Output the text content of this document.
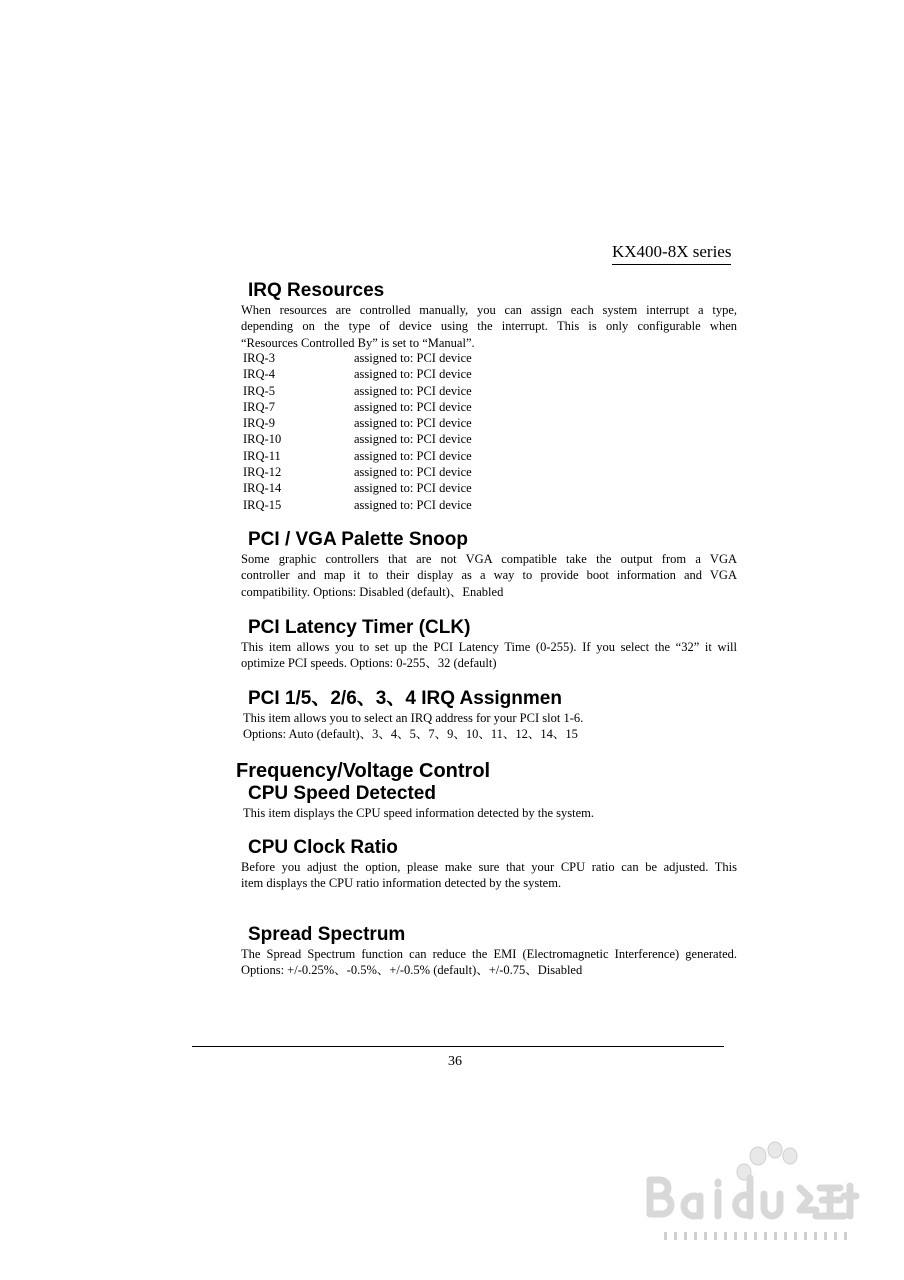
KX400-8X series
IRQ Resources
When resources are controlled manually, you can assign each system interrupt a type,
depending on the type of device using the interrupt. This is only configurable when
“Resources Controlled By” is set to “Manual”.
IRQ-3	assigned to: PCI device
IRQ-4	assigned to: PCI device
IRQ-5	assigned to: PCI device
IRQ-7	assigned to: PCI device
IRQ-9	assigned to: PCI device
IRQ-10	assigned to: PCI device
IRQ-11	assigned to: PCI device
IRQ-12	assigned to: PCI device
IRQ-14	assigned to: PCI device
IRQ-15	assigned to: PCI device
PCI / VGA Palette Snoop
Some graphic controllers that are not VGA compatible take the output from a VGA
controller and map it to their display as a way to provide boot information and VGA
compatibility. Options: Disabled (default)、Enabled
PCI Latency Timer (CLK)
This item allows you to set up the PCI Latency Time (0-255). If you select the “32” it will
optimize PCI speeds. Options: 0-255、32 (default)
PCI 1/5、2/6、3、4 IRQ Assignmen
This item allows you to select an IRQ address for your PCI slot 1-6.
Options: Auto (default)、3、4、5、7、9、10、11、12、14、15
Frequency/Voltage Control
CPU Speed Detected
This item displays the CPU speed information detected by the system.
CPU Clock Ratio
Before you adjust the option, please make sure that your CPU ratio can be adjusted. This
item displays the CPU ratio information detected by the system.
Spread Spectrum
The Spread Spectrum function can reduce the EMI (Electromagnetic Interference) generated.
Options: +/-0.25%、-0.5%、+/-0.5% (default)、+/-0.75、Disabled
36
